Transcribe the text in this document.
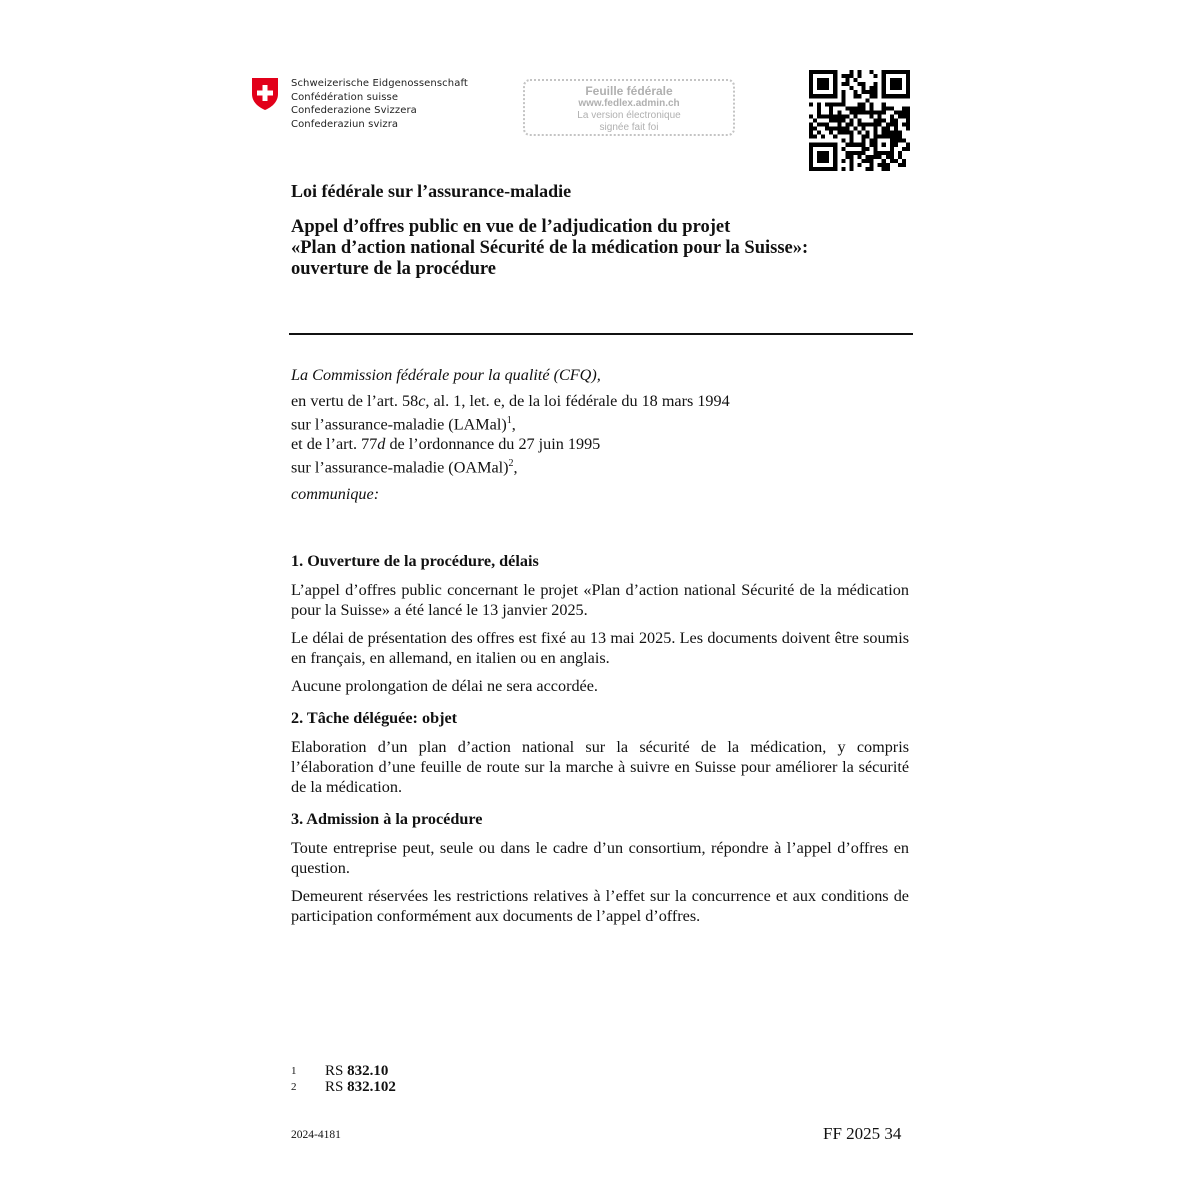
Schweizerische Eidgenossenschaft
Confédération suisse
Confederazione Svizzera
Confederaziun svizra
Feuille fédérale
www.fedlex.admin.ch
La version électronique
signée fait foi
Loi fédérale sur l’assurance-maladie
Appel d’offres public en vue de l’adjudication du projet
«Plan d’action national Sécurité de la médication pour la Suisse»:
ouverture de la procédure
La Commission fédérale pour la qualité (CFQ),
en vertu de l’art. 58c, al. 1, let. e, de la loi fédérale du 18 mars 1994
sur l’assurance-maladie (LAMal)$^1$,
et de l’art. 77d de l’ordonnance du 27 juin 1995
sur l’assurance-maladie (OAMal)$^2$,
communique:
1. Ouverture de la procédure, délais

L’appel d’offres public concernant le projet «Plan d’action national Sécurité de la médication pour la Suisse» a été lancé le 13 janvier 2025.

Le délai de présentation des offres est fixé au 13 mai 2025. Les documents doivent être soumis en français, en allemand, en italien ou en anglais.

Aucune prolongation de délai ne sera accordée.

2. Tâche déléguée: objet

Elaboration d’un plan d’action national sur la sécurité de la médication, y compris l’élaboration d’une feuille de route sur la marche à suivre en Suisse pour améliorer la sécurité de la médication.

3. Admission à la procédure

Toute entreprise peut, seule ou dans le cadre d’un consortium, répondre à l’appel d’offres en question.

Demeurent réservées les restrictions relatives à l’effet sur la concurrence et aux conditions de participation conformément aux documents de l’appel d’offres.

1	RS 832.10
2	RS 832.102
2024-4181	FF 2025 34
